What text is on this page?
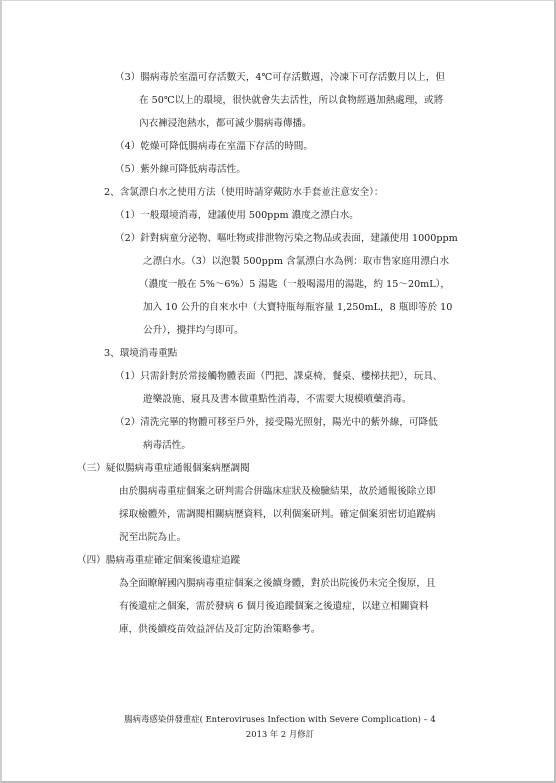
（3）腸病毒於室溫可存活數天，4℃可存活數週，冷凍下可存活數月以上，但
在 50℃以上的環境，很快就會失去活性，所以食物經過加熱處理，或將
內衣褲浸泡熱水，都可減少腸病毒傳播。
（4）乾燥可降低腸病毒在室溫下存活的時間。
（5）紫外線可降低病毒活性。
2、含氯漂白水之使用方法（使用時請穿戴防水手套並注意安全）：
（1）一般環境消毒，建議使用 500ppm 濃度之漂白水。
（2）針對病童分泌物、嘔吐物或排泄物污染之物品或表面，建議使用 1000ppm
之漂白水。（3）以泡製 500ppm 含氯漂白水為例：取市售家庭用漂白水
（濃度一般在 5%～6%）5 湯匙（一般喝湯用的湯匙，約 15～20mL），
加入 10 公升的自來水中（大寶特瓶每瓶容量 1,250mL，8 瓶即等於 10
公升），攪拌均勻即可。
3、環境消毒重點
（1）只需針對於常接觸物體表面（門把、課桌椅、餐桌、樓梯扶把），玩具、
遊樂設施、寢具及書本做重點性消毒，不需要大規模噴藥消毒。
（2）清洗完畢的物體可移至戶外，接受陽光照射，陽光中的紫外線，可降低
病毒活性。
（三）疑似腸病毒重症通報個案病歷調閱
由於腸病毒重症個案之研判需合併臨床症狀及檢驗結果，故於通報後除立即
採取檢體外，需調閱相關病歷資料，以利個案研判。確定個案須密切追蹤病
況至出院為止。
（四）腸病毒重症確定個案後遺症追蹤
為全面瞭解國內腸病毒重症個案之後續身體，對於出院後仍未完全復原，且
有後遺症之個案，需於發病 6 個月後追蹤個案之後遺症，以建立相關資料
庫，供後續疫苗效益評估及訂定防治策略參考。
腸病毒感染併發重症( Enteroviruses Infection with Severe Complication) – 4
2013 年 2 月修訂
